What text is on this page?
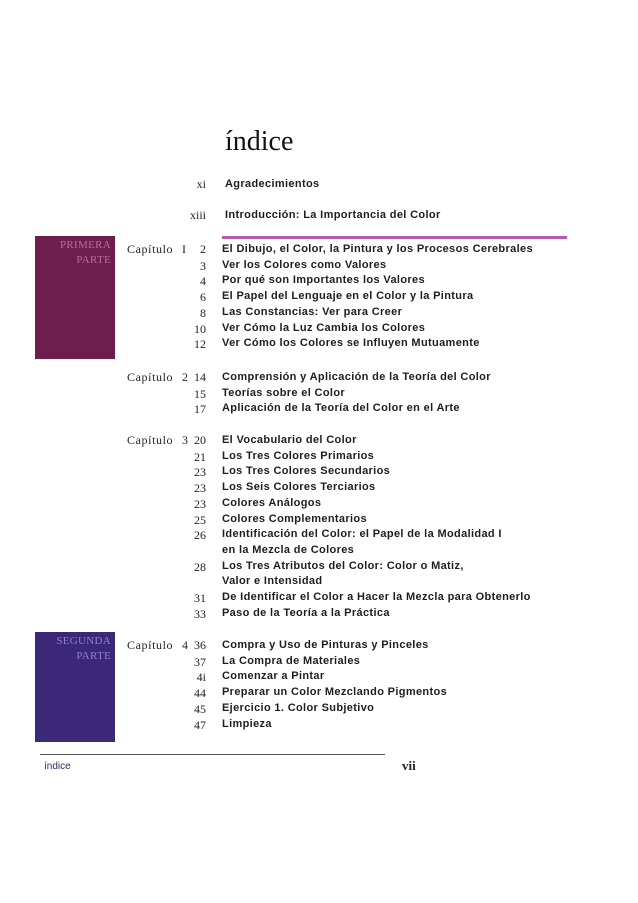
índice
xi Agradecimientos
xiii Introducción: La Importancia del Color
PRIMERA
PARTE
Capítulo I	2 El Dibujo, el Color, la Pintura y los Procesos Cerebrales
3 Ver los Colores como Valores
4 Por qué son Importantes los Valores
6 El Papel del Lenguaje en el Color y la Pintura
8 Las Constancias: Ver para Creer
10 Ver Cómo la Luz Cambia los Colores
12 Ver Cómo los Colores se Influyen Mutuamente
Capítulo 2 14 Comprensión y Aplicación de la Teoría del Color
15 Teorías sobre el Color
17 Aplicación de la Teoría del Color en el Arte
Capítulo 3 20 El Vocabulario del Color
21 Los Tres Colores Primarios
23 Los Tres Colores Secundarios
23 Los Seis Colores Terciarios
23 Colores Análogos
25 Colores Complementarios
26 Identificación del Color: el Papel de la Modalidad I
en la Mezcla de Colores
28 Los Tres Atributos del Color: Color o Matiz,
Valor e Intensidad
31 De Identificar el Color a Hacer la Mezcla para Obtenerlo
33 Paso de la Teoría a la Práctica
SEGUNDA
PARTE
Capítulo 4 36 Compra y Uso de Pinturas y Pinceles
37 La Compra de Materiales
4i Comenzar a Pintar
44 Preparar un Color Mezclando Pigmentos
45 Ejercicio 1. Color Subjetivo
47 Limpieza
índice	vii
